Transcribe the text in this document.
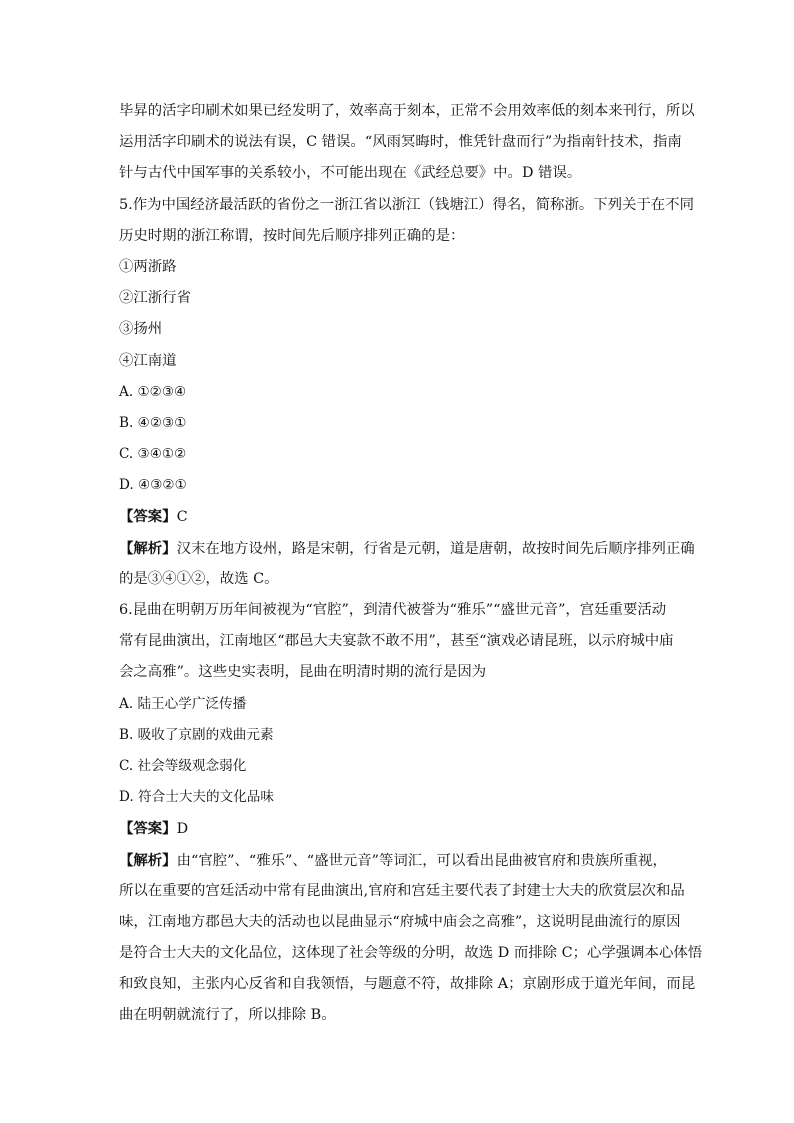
毕昇的活字印刷术如果已经发明了，效率高于刻本，正常不会用效率低的刻本来刊行，所以
运用活字印刷术的说法有误，C 错误。“风雨冥晦时，惟凭针盘而行”为指南针技术，指南
针与古代中国军事的关系较小，不可能出现在《武经总要》中。D 错误。
5.作为中国经济最活跃的省份之一浙江省以浙江（钱塘江）得名，简称浙。下列关于在不同
历史时期的浙江称谓，按时间先后顺序排列正确的是：
①两浙路
②江浙行省
③扬州
④江南道
A. ①②③④
B. ④②③①
C. ③④①②
D. ④③②①
【答案】C
【解析】汉末在地方设州，路是宋朝，行省是元朝，道是唐朝，故按时间先后顺序排列正确
的是③④①②，故选 C。
6.昆曲在明朝万历年间被视为“官腔”，到清代被誉为“雅乐”“盛世元音”，宫廷重要活动
常有昆曲演出，江南地区“郡邑大夫宴款不敢不用”，甚至“演戏必请昆班，以示府城中庙
会之高雅”。这些史实表明，昆曲在明清时期的流行是因为
A. 陆王心学广泛传播
B. 吸收了京剧的戏曲元素
C. 社会等级观念弱化
D. 符合士大夫的文化品味
【答案】D
【解析】由“官腔”、“雅乐”、“盛世元音”等词汇，可以看出昆曲被官府和贵族所重视，
所以在重要的宫廷活动中常有昆曲演出,官府和宫廷主要代表了封建士大夫的欣赏层次和品
味，江南地方郡邑大夫的活动也以昆曲显示“府城中庙会之高雅”，这说明昆曲流行的原因
是符合士大夫的文化品位，这体现了社会等级的分明，故选 D 而排除 C；心学强调本心体悟
和致良知，主张内心反省和自我领悟，与题意不符，故排除 A；京剧形成于道光年间，而昆
曲在明朝就流行了，所以排除 B。
